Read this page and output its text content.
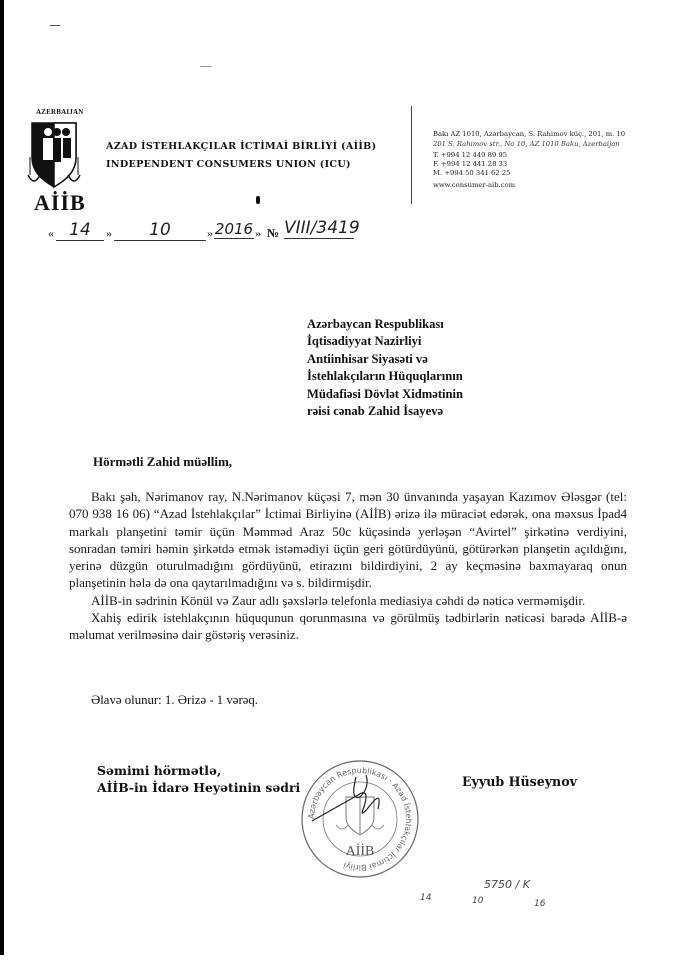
AZERBAIJAN
AİİB
AZAD İSTEHLAKÇILAR İCTİMAİ BİRLİYİ (AİİB)
INDEPENDENT CONSUMERS UNION (ICU)
Bakı AZ 1010, Azərbaycan, S. Rahimov küç., 201, m. 10
201 S. Rahimov str., No 10, AZ 1010 Baku, Azerbaijan
T. +994 12 449 89 95
F. +994 12 441 28 33
M. +994 50 341 62 25
www.consumer-aib.com
« 14	»	10	» 2016 » № VIII/3419
Azərbaycan Respublikası
İqtisadiyyat Nazirliyi
Antiinhisar Siyasəti və
İstehlakçıların Hüquqlarının
Müdafiəsi Dövlət Xidmətinin
rəisi cənab Zahid İsayevə
Hörmətli Zahid müəllim,

Bakı şəh, Nərimanov ray, N.Nərimanov küçəsi 7, mən 30 ünvanında yaşayan Kazımov Ələsgər (tel: 070 938 16 06) “Azad İstehlakçılar” İctimai Birliyinə (AİİB) ərizə ilə müraciət edərək, ona məxsus İpad4 markalı planşetini təmir üçün Məmməd Araz 50c küçəsində yerləşən “Avirtel” şirkətinə verdiyini, sonradan təmiri həmin şirkətdə etmək istəmədiyi üçün geri götürdüyünü, götürərkən planşetin açıldığını, yerinə düzgün oturulmadığını gördüyünü, etirazını bildirdiyini, 2 ay keçməsinə baxmayaraq onun planşetinin hələ də ona qaytarılmadığını və s. bildirmişdir.

AİİB-in sədrinin Könül və Zaur adlı şəxslərlə telefonla mediasiya cəhdi də nəticə verməmişdir.

Xahiş edirik istehlakçının hüququnun qorunmasına və görülmüş tədbirlərin nəticəsi barədə AİİB-ə məlumat verilməsinə dair göstəriş verəsiniz.

Əlavə olunur: 1. Ərizə - 1 vərəq.
Səmimi hörmətlə,
AİİB-in İdarə Heyətinin sədri	Eyyub Hüseynov
Azərbaycan Respublikası · Azad İstehlakçılar İctimai Birliyi
AİİB
5750 / K
14	10	16
